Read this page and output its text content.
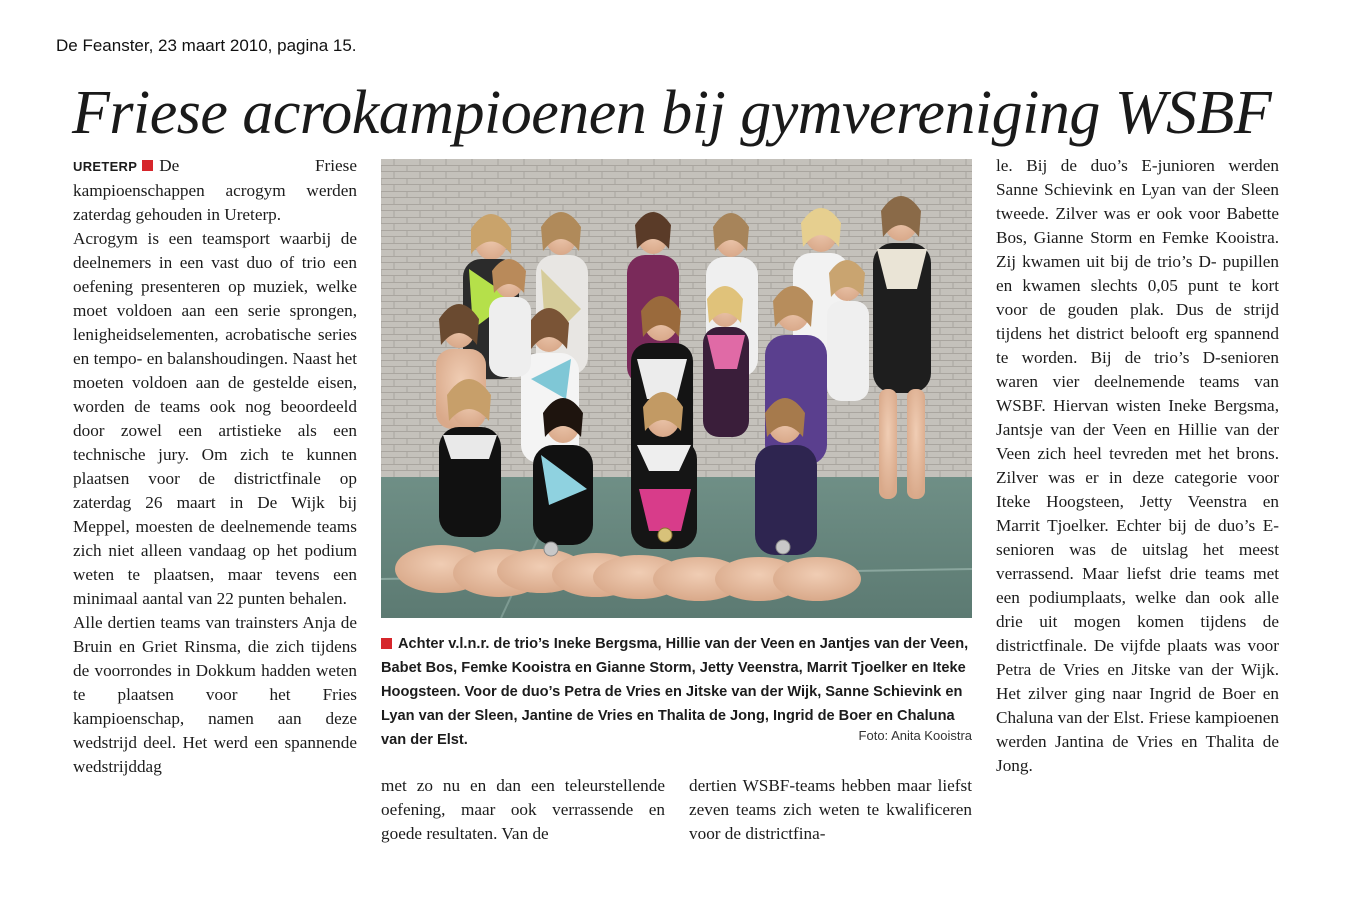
De Feanster, 23 maart 2010, pagina 15.
Friese acrokampioenen bij gymvereniging WSBF

URETERP De Friese kampioenschappen acrogym werden zaterdag gehouden in Ureterp.

Acrogym is een teamsport waarbij de deelnemers in een vast duo of trio een oefening presenteren op muziek, welke moet voldoen aan een serie sprongen, lenigheidselementen, acrobatische series en tempo- en balanshoudingen. Naast het moeten voldoen aan de gestelde eisen, worden de teams ook nog beoordeeld door zowel een artistieke als een technische jury. Om zich te kunnen plaatsen voor de districtfinale op zaterdag 26 maart in De Wijk bij Meppel, moesten de deelnemende teams zich niet alleen vandaag op het podium weten te plaatsen, maar tevens een minimaal aantal van 22 punten behalen.

Alle dertien teams van trainsters Anja de Bruin en Griet Rinsma, die zich tijdens de voorrondes in Dokkum hadden weten te plaatsen voor het Fries kampioenschap, namen aan deze wedstrijd deel. Het werd een spannende wedstrijddag

Achter v.l.n.r. de trio’s Ineke Bergsma, Hillie van der Veen en Jantjes van der Veen, Babet Bos, Femke Kooistra en Gianne Storm, Jetty Veenstra, Marrit Tjoelker en Iteke Hoogsteen. Voor de duo’s Petra de Vries en Jitske van der Wijk, Sanne Schievink en Lyan van der Sleen, Jantine de Vries en Thalita de Jong, Ingrid de Boer en Chaluna van der Elst.	Foto: Anita Kooistra

met zo nu en dan een teleurstellende oefening, maar ook verrassende en goede resultaten. Van de

dertien WSBF-teams hebben maar liefst zeven teams zich weten te kwalificeren voor de districtfina-

le. Bij de duo’s E-junioren werden Sanne Schievink en Lyan van der Sleen tweede. Zilver was er ook voor Babette Bos, Gianne Storm en Femke Kooistra. Zij kwamen uit bij de trio’s D- pupillen en kwamen slechts 0,05 punt te kort voor de gouden plak. Dus de strijd tijdens het district belooft erg spannend te worden. Bij de trio’s D-senioren waren vier deelnemende teams van WSBF. Hiervan wisten Ineke Bergsma, Jantsje van der Veen en Hillie van der Veen zich heel tevreden met het brons. Zilver was er in deze categorie voor Iteke Hoogsteen, Jetty Veenstra en Marrit Tjoelker. Echter bij de duo’s E- senioren was de uitslag het meest verrassend. Maar liefst drie teams met een podiumplaats, welke dan ook alle drie uit mogen komen tijdens de districtfinale. De vijfde plaats was voor Petra de Vries en Jitske van der Wijk. Het zilver ging naar Ingrid de Boer en Chaluna van der Elst. Friese kampioenen werden Jantina de Vries en Thalita de Jong.
